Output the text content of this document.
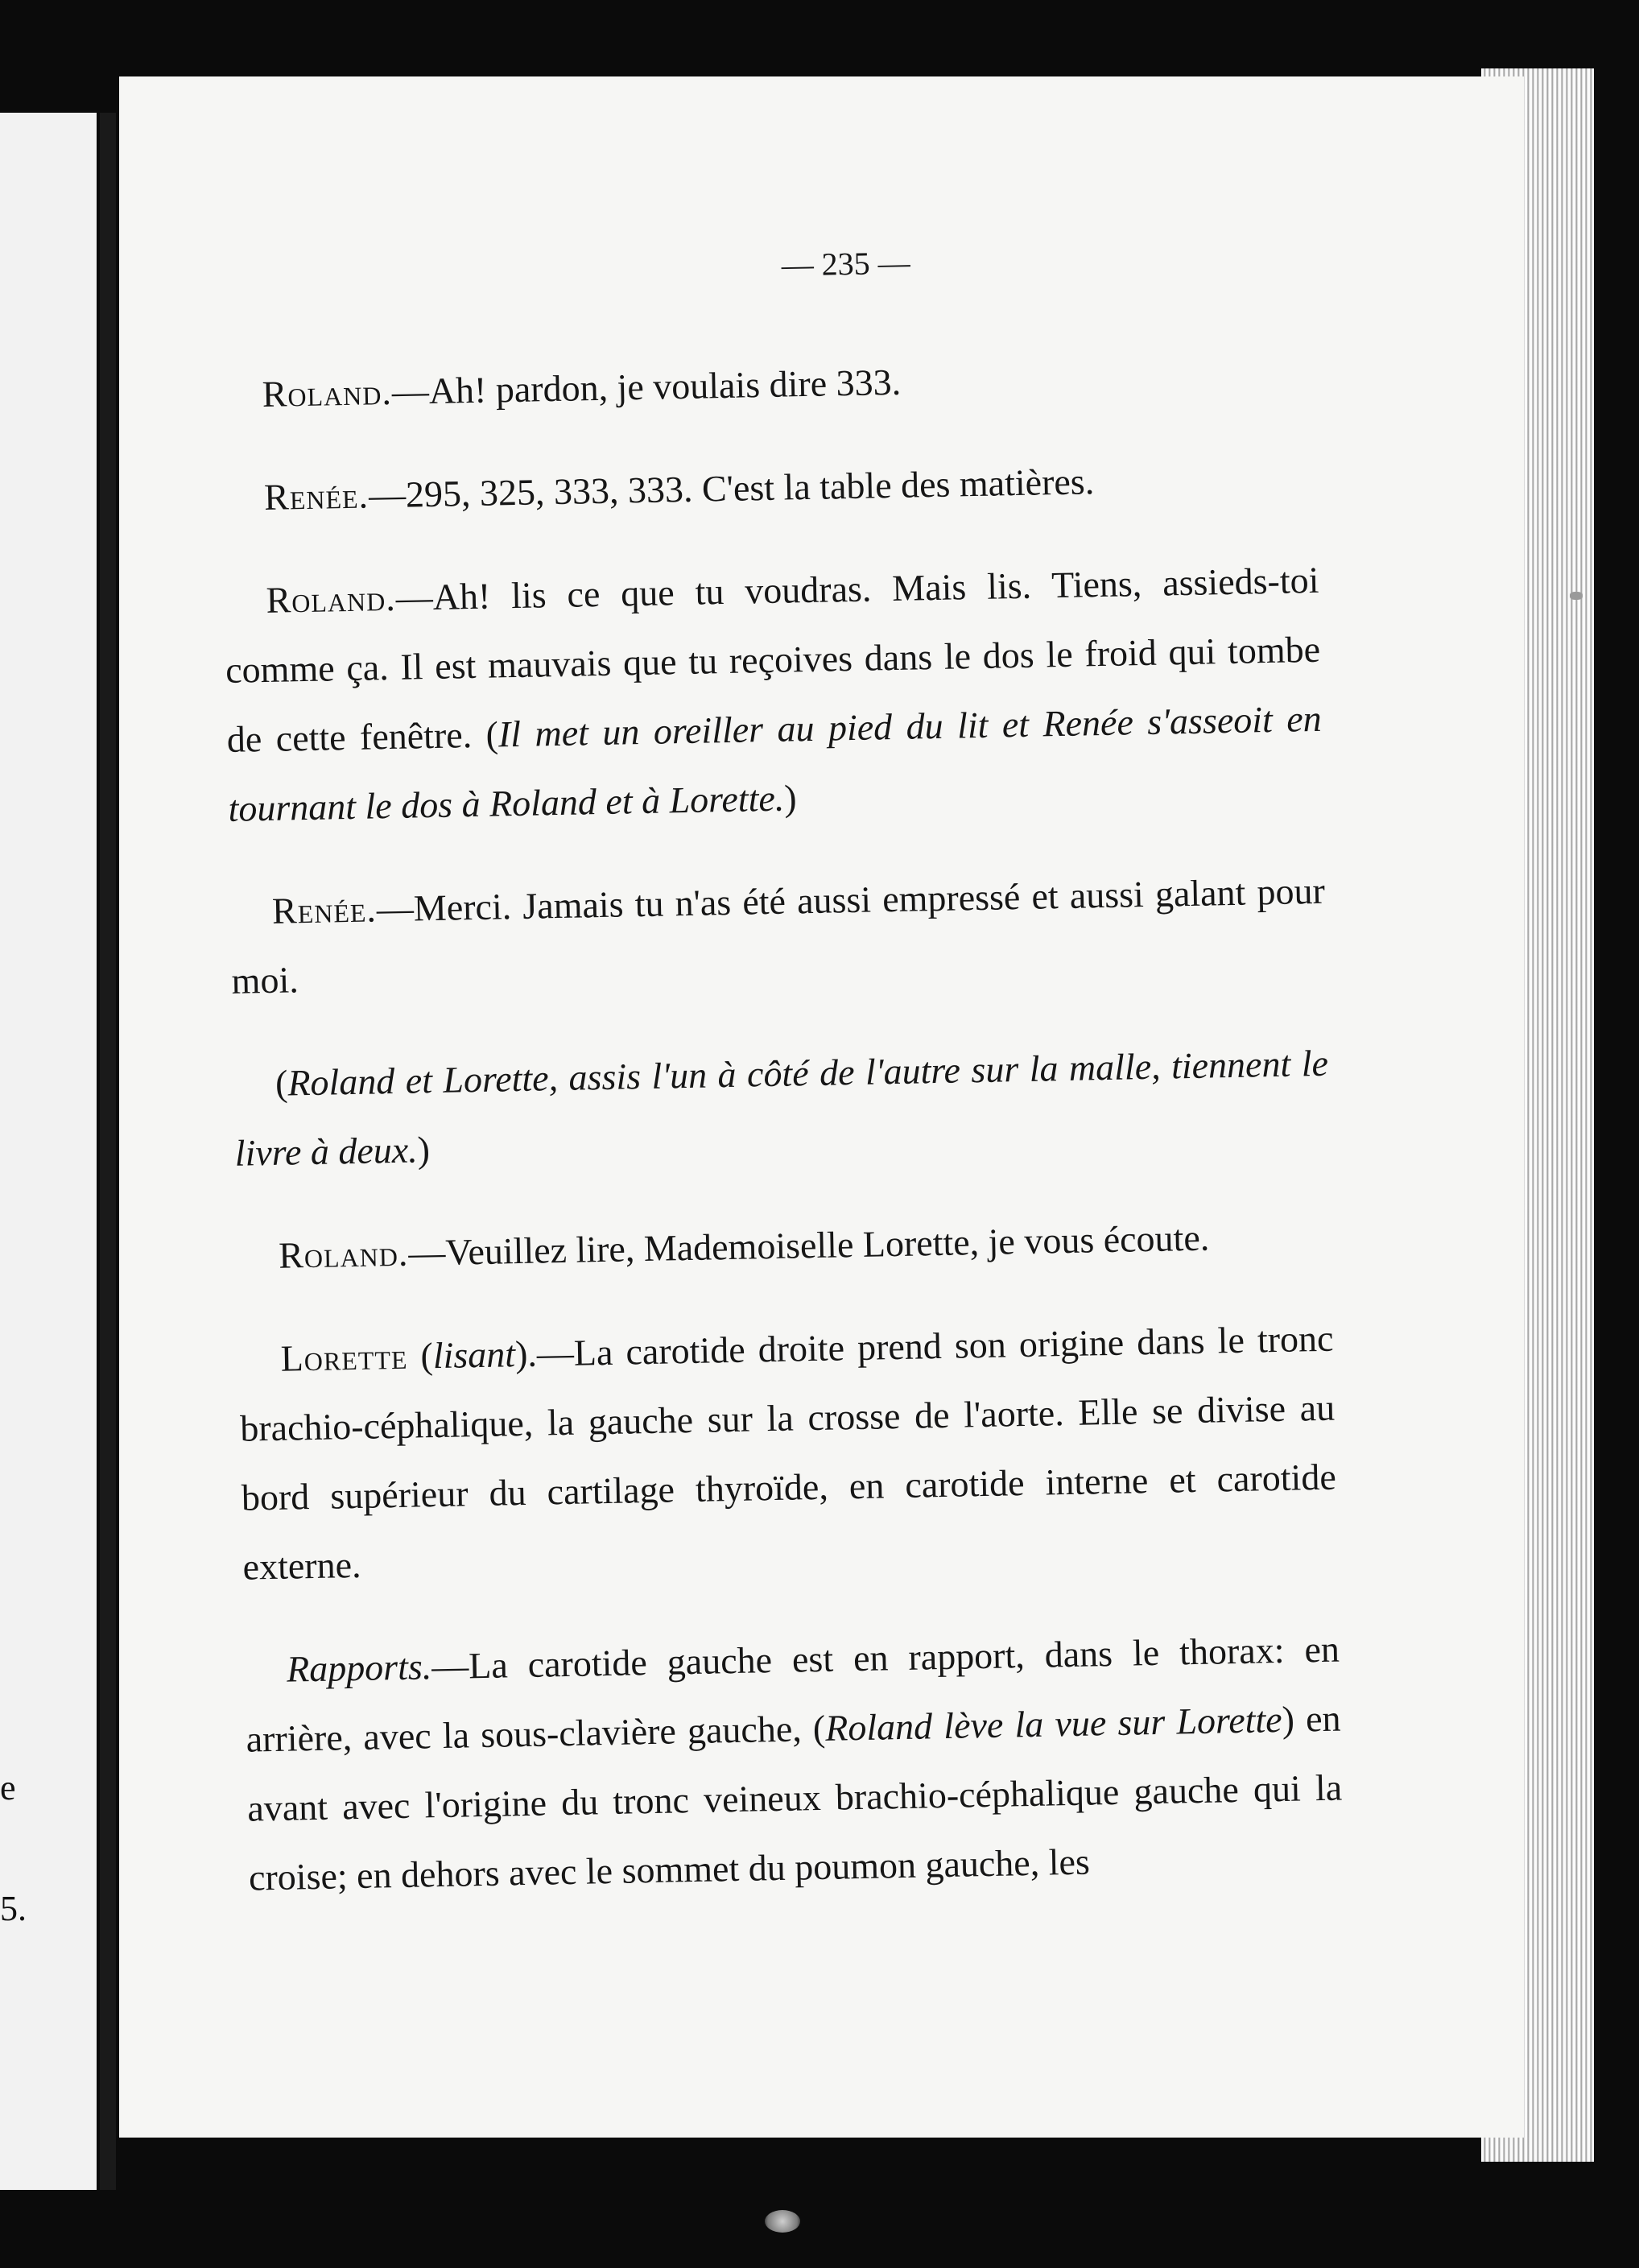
e
5.
— 235 —

Roland.—Ah! pardon, je voulais dire 333.

Renée.—295, 325, 333, 333. C'est la table des matières.

Roland.—Ah! lis ce que tu voudras. Mais lis. Tiens, assieds-toi comme ça. Il est mauvais que tu reçoives dans le dos le froid qui tombe de cette fenêtre. (Il met un oreiller au pied du lit et Renée s'asseoit en tournant le dos à Roland et à Lorette.)

Renée.—Merci. Jamais tu n'as été aussi empressé et aussi galant pour moi.

(Roland et Lorette, assis l'un à côté de l'autre sur la malle, tiennent le livre à deux.)

Roland.—Veuillez lire, Mademoiselle Lorette, je vous écoute.

Lorette (lisant).—La carotide droite prend son origine dans le tronc brachio-céphalique, la gauche sur la crosse de l'aorte. Elle se divise au bord supérieur du cartilage thyroïde, en carotide interne et carotide externe.

Rapports.—La carotide gauche est en rapport, dans le thorax: en arrière, avec la sous-clavière gauche, (Roland lève la vue sur Lorette) en avant avec l'origine du tronc veineux brachio-céphalique gauche qui la croise; en dehors avec le sommet du poumon gauche, les
